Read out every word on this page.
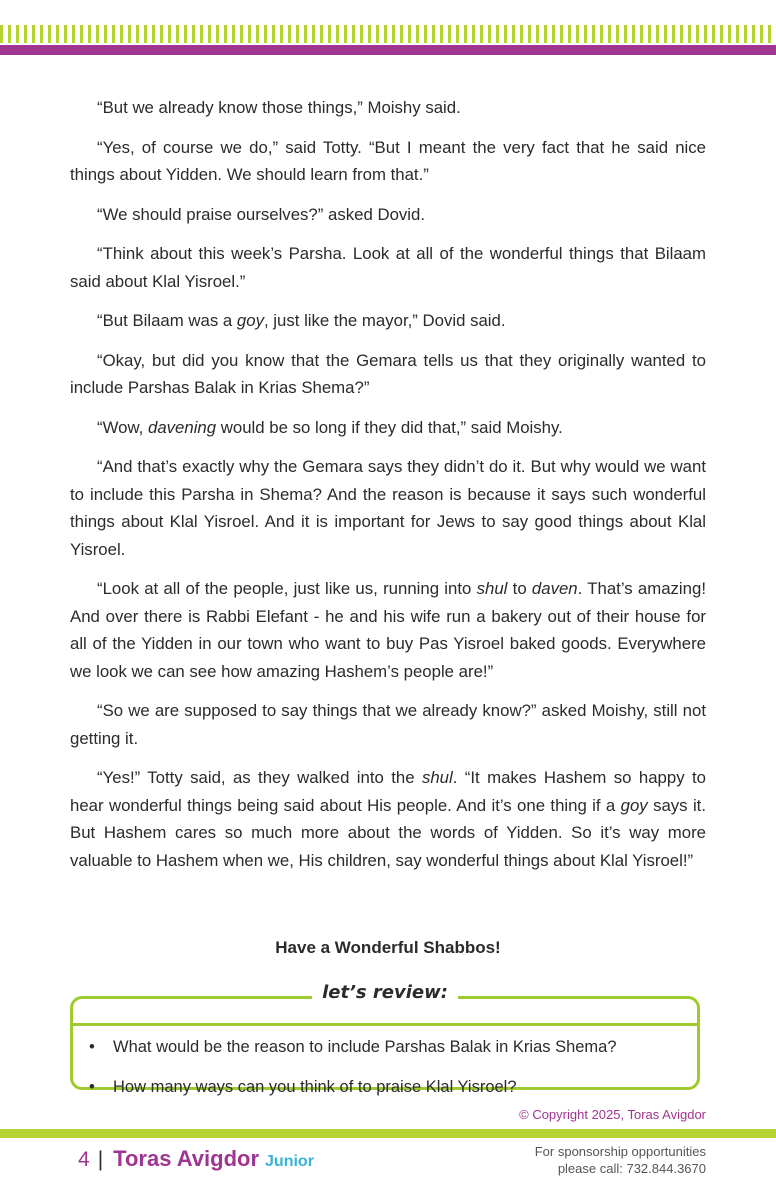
“But we already know those things,” Moishy said.

“Yes, of course we do,” said Totty. “But I meant the very fact that he said nice things about Yidden. We should learn from that.”

“We should praise ourselves?” asked Dovid.

“Think about this week’s Parsha. Look at all of the wonderful things that Bilaam said about Klal Yisroel.”

“But Bilaam was a goy, just like the mayor,” Dovid said.

“Okay, but did you know that the Gemara tells us that they originally wanted to include Parshas Balak in Krias Shema?”

“Wow, davening would be so long if they did that,” said Moishy.

“And that’s exactly why the Gemara says they didn’t do it. But why would we want to include this Parsha in Shema? And the reason is because it says such wonderful things about Klal Yisroel. And it is important for Jews to say good things about Klal Yisroel.

“Look at all of the people, just like us, running into shul to daven. That’s amazing! And over there is Rabbi Elefant - he and his wife run a bakery out of their house for all of the Yidden in our town who want to buy Pas Yisroel baked goods. Everywhere we look we can see how amazing Hashem’s people are!”

“So we are supposed to say things that we already know?” asked Moishy, still not getting it.

“Yes!” Totty said, as they walked into the shul. “It makes Hashem so happy to hear wonderful things being said about His people. And it’s one thing if a goy says it. But Hashem cares so much more about the words of Yidden. So it’s way more valuable to Hashem when we, His children, say wonderful things about Klal Yisroel!”

Have a Wonderful Shabbos!
let’s review:
• What would be the reason to include Parshas Balak in Krias Shema?
• How many ways can you think of to praise Klal Yisroel?
© Copyright 2025, Toras Avigdor
4 | Toras Avigdor Junior
For sponsorship opportunities
please call: 732.844.3670
